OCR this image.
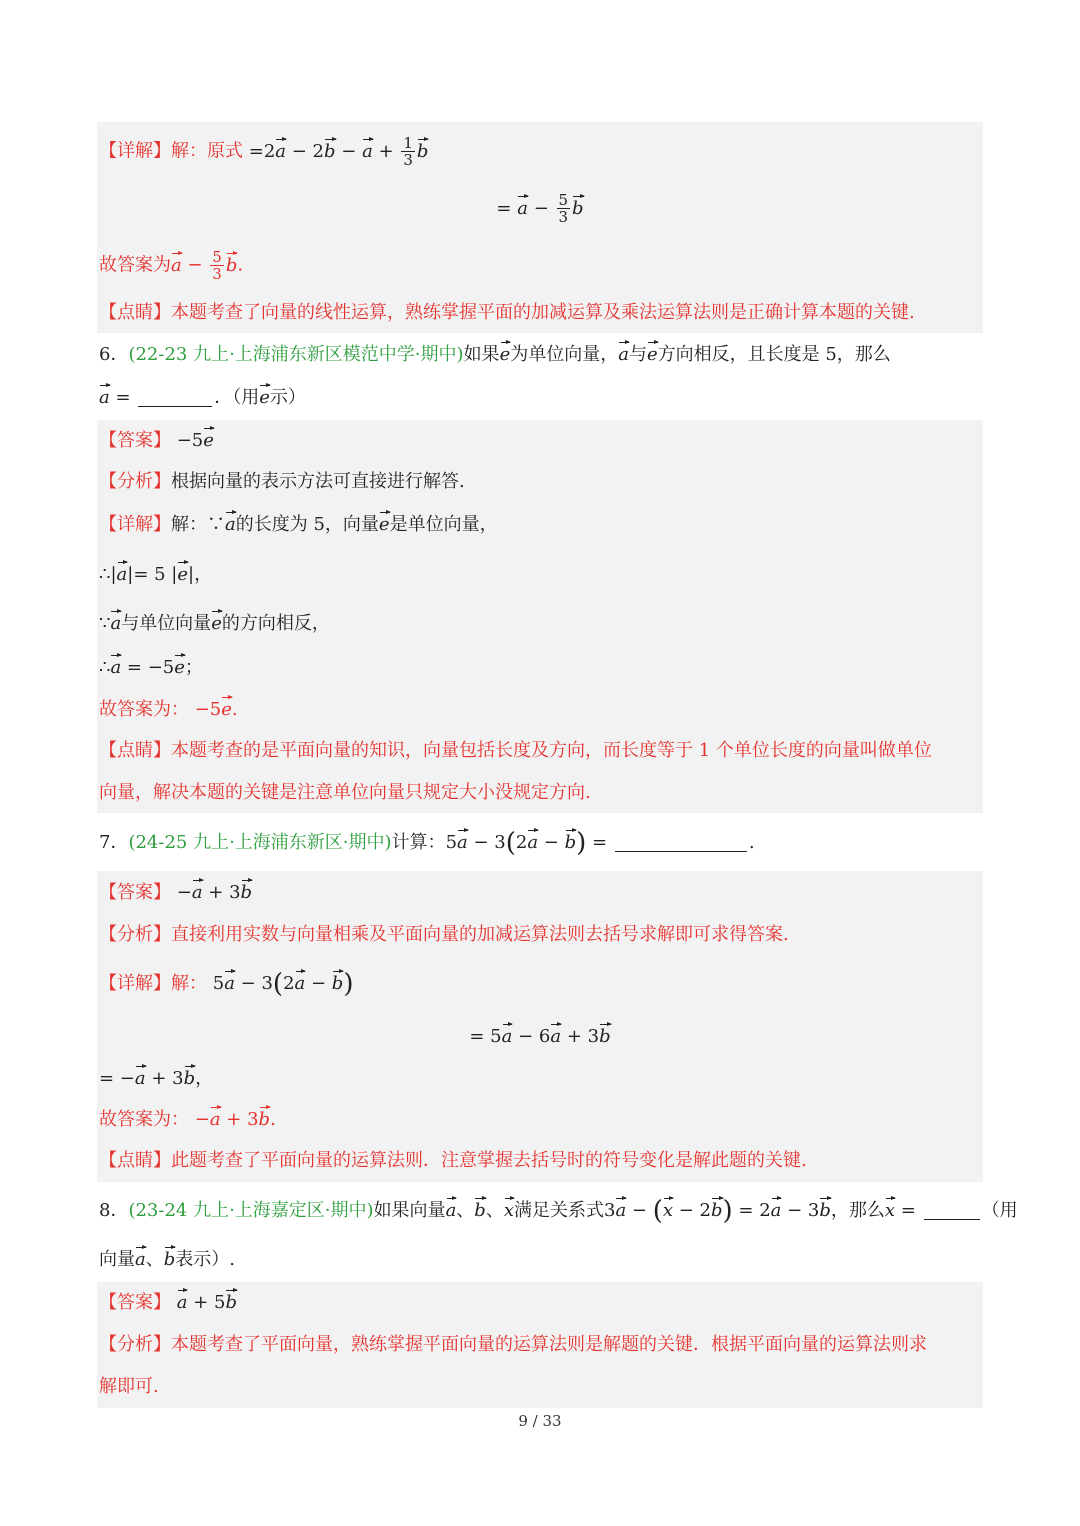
【详解】解：原式 $=2a - 2b - a + \frac{1}{3}$ b
= $a - \frac{5}{3}$ b
故答案为$a - \frac{5}{3} b$.
【点睛】本题考查了向量的线性运算，熟练掌握平面的加减运算及乘法运算法则是正确计算本题的关键.
6．(22-23 九上·上海浦东新区模范中学·期中)如果e为单位向量，a与e方向相反，且长度是 5，那么
a =	．（用e示）
【答案】 −5e
【分析】根据向量的表示方法可直接进行解答.
【详解】解：∵a的长度为 5，向量e是单位向量，
∴|a|= 5 |e|，
∵a与单位向量e的方向相反，
∴a = −5e；
故答案为： −5e.
【点睛】本题考查的是平面向量的知识，向量包括长度及方向，而长度等于 1 个单位长度的向量叫做单位
向量，解决本题的关键是注意单位向量只规定大小没规定方向.
7．(24-25 九上·上海浦东新区·期中)计算：5a − 3(2a − b) =	.
【答案】 −a + 3b
【分析】直接利用实数与向量相乘及平面向量的加减运算法则去括号求解即可求得答案.
【详解】解： 5a − 3(2a − b)
= 5a − 6a + 3b
= −a + 3b，
故答案为： −a + 3b.
【点睛】此题考查了平面向量的运算法则．注意掌握去括号时的符号变化是解此题的关键.
8．(23-24 九上·上海嘉定区·期中)如果向量a、b、x满足关系式3a − (x − 2b) = 2a − 3b，那么x =	（用
向量a、b表示）.
【答案】 a + 5b
【分析】本题考查了平面向量，熟练掌握平面向量的运算法则是解题的关键．根据平面向量的运算法则求
解即可.
9 / 33
